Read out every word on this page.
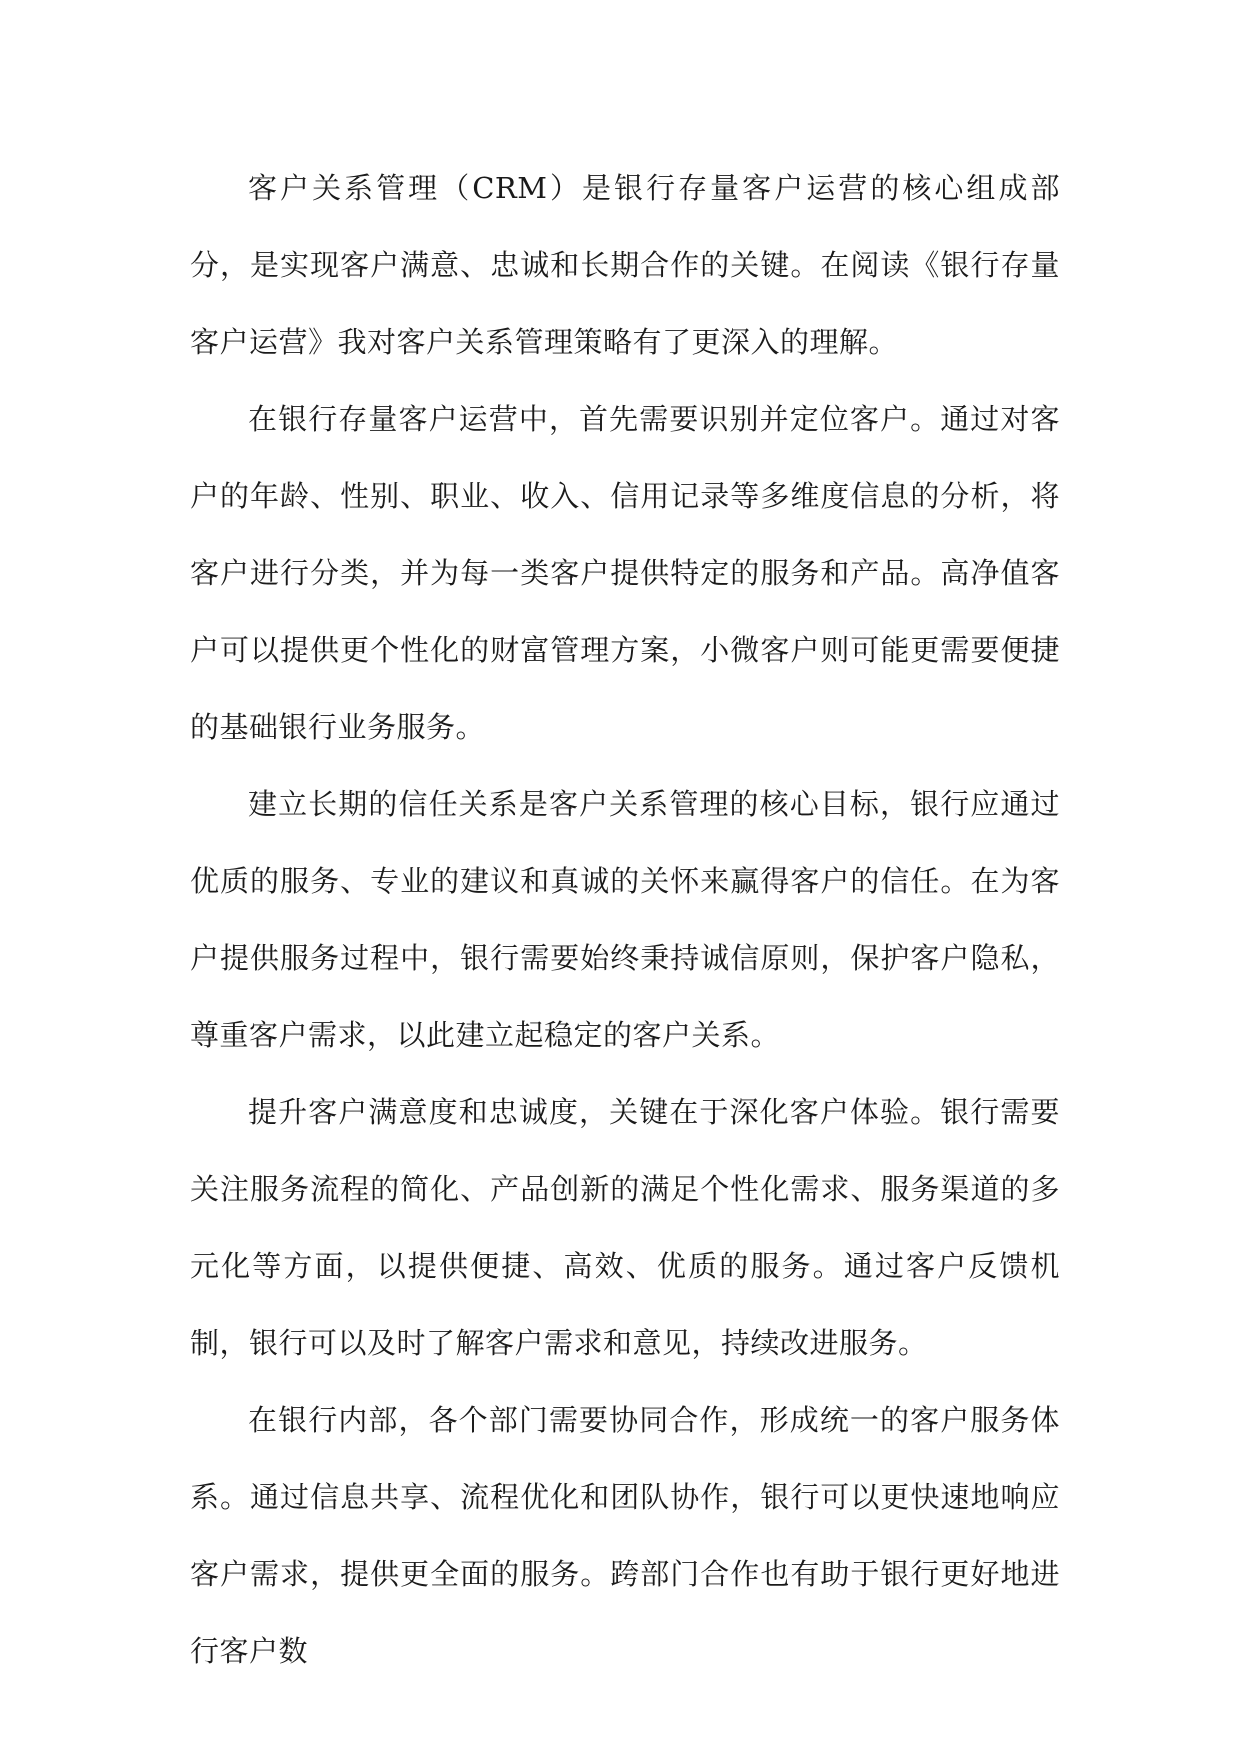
客户关系管理（CRM）是银行存量客户运营的核心组成部分，是实现客户满意、忠诚和长期合作的关键。在阅读《银行存量客户运营》我对客户关系管理策略有了更深入的理解。

在银行存量客户运营中，首先需要识别并定位客户。通过对客户的年龄、性别、职业、收入、信用记录等多维度信息的分析，将客户进行分类，并为每一类客户提供特定的服务和产品。高净值客户可以提供更个性化的财富管理方案，小微客户则可能更需要便捷的基础银行业务服务。

建立长期的信任关系是客户关系管理的核心目标，银行应通过优质的服务、专业的建议和真诚的关怀来赢得客户的信任。在为客户提供服务过程中，银行需要始终秉持诚信原则，保护客户隐私，尊重客户需求，以此建立起稳定的客户关系。

提升客户满意度和忠诚度，关键在于深化客户体验。银行需要关注服务流程的简化、产品创新的满足个性化需求、服务渠道的多元化等方面，以提供便捷、高效、优质的服务。通过客户反馈机制，银行可以及时了解客户需求和意见，持续改进服务。

在银行内部，各个部门需要协同合作，形成统一的客户服务体系。通过信息共享、流程优化和团队协作，银行可以更快速地响应客户需求，提供更全面的服务。跨部门合作也有助于银行更好地进行客户数
